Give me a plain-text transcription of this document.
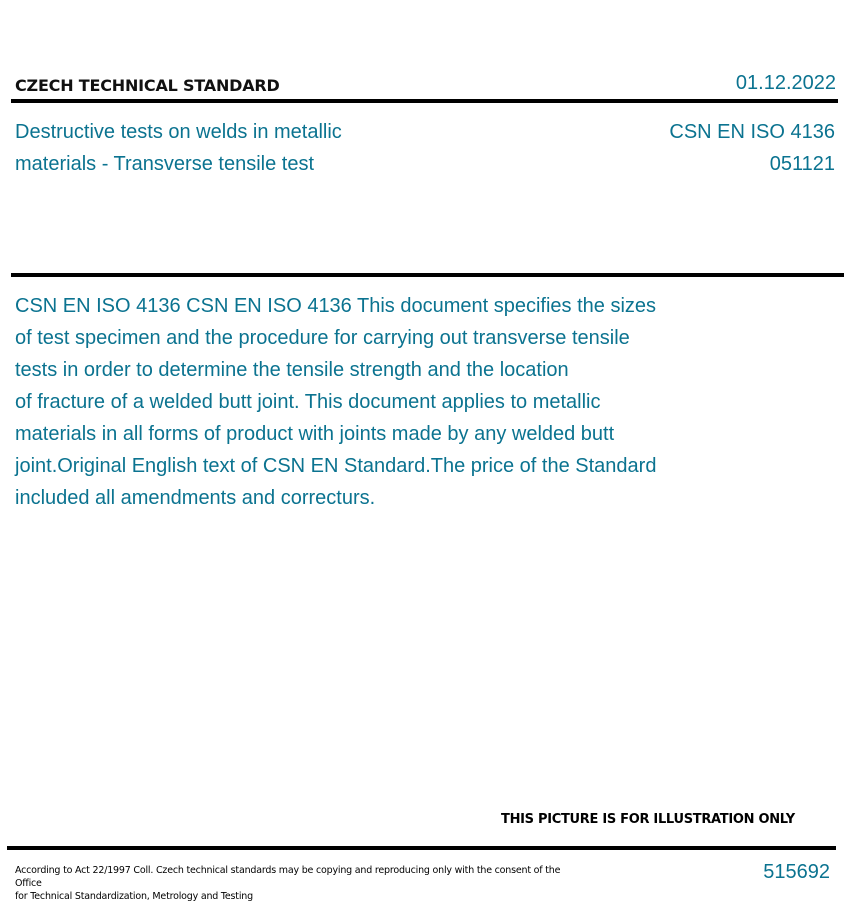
CZECH TECHNICAL STANDARD	01.12.2022
Destructive tests on welds in metallic
materials - Transverse tensile test
CSN EN ISO 4136
051121
CSN EN ISO 4136 CSN EN ISO 4136 This document specifies the sizes
of test specimen and the procedure for carrying out transverse tensile
tests in order to determine the tensile strength and the location
of fracture of a welded butt joint. This document applies to metallic
materials in all forms of product with joints made by any welded butt
joint.Original English text of CSN EN Standard.The price of the Standard
included all amendments and correcturs.
THIS PICTURE IS FOR ILLUSTRATION ONLY
According to Act 22/1997 Coll. Czech technical standards may be copying and reproducing only with the consent of the Office
for Technical Standardization, Metrology and Testing
515692
